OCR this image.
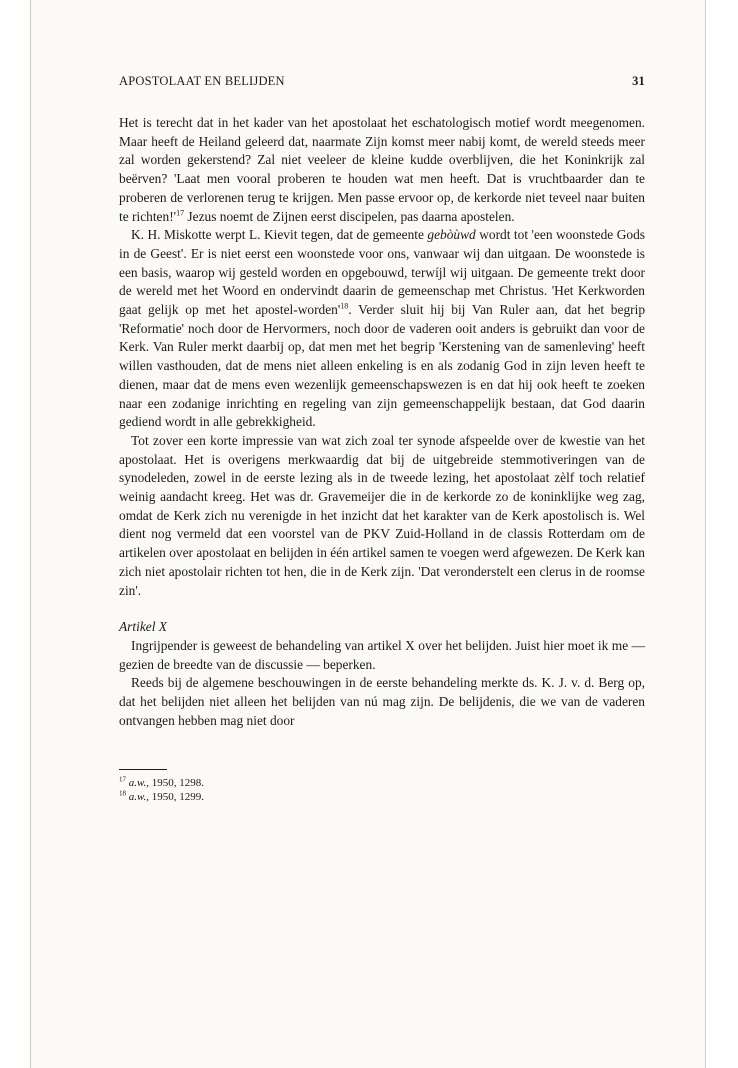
APOSTOLAAT EN BELIJDEN	31

Het is terecht dat in het kader van het apostolaat het eschatologisch motief wordt meegenomen. Maar heeft de Heiland geleerd dat, naarmate Zijn komst meer nabij komt, de wereld steeds meer zal worden gekerstend? Zal niet veeleer de kleine kudde overblijven, die het Koninkrijk zal beërven? 'Laat men vooral proberen te houden wat men heeft. Dat is vruchtbaarder dan te proberen de verlorenen terug te krijgen. Men passe ervoor op, de kerkorde niet teveel naar buiten te richten!'$^{17}$ Jezus noemt de Zijnen eerst discipelen, pas daarna apostelen.

K. H. Miskotte werpt L. Kievit tegen, dat de gemeente gebòùwd wordt tot 'een woonstede Gods in de Geest'. Er is niet eerst een woonstede voor ons, vanwaar wij dan uitgaan. De woonstede is een basis, waarop wij gesteld worden en opgebouwd, terwíjl wij uitgaan. De gemeente trekt door de wereld met het Woord en ondervindt daarin de gemeenschap met Christus. 'Het Kerkworden gaat gelijk op met het apostel-worden'$^{18}$. Verder sluit hij bij Van Ruler aan, dat het begrip 'Reformatie' noch door de Hervormers, noch door de vaderen ooit anders is gebruikt dan voor de Kerk. Van Ruler merkt daarbij op, dat men met het begrip 'Kerstening van de samenleving' heeft willen vasthouden, dat de mens niet alleen enkeling is en als zodanig God in zijn leven heeft te dienen, maar dat de mens even wezenlijk gemeenschapswezen is en dat hij ook heeft te zoeken naar een zodanige inrichting en regeling van zijn gemeenschappelijk bestaan, dat God daarin gediend wordt in alle gebrekkigheid.

Tot zover een korte impressie van wat zich zoal ter synode afspeelde over de kwestie van het apostolaat. Het is overigens merkwaardig dat bij de uitgebreide stemmotiveringen van de synodeleden, zowel in de eerste lezing als in de tweede lezing, het apostolaat zèlf toch relatief weinig aandacht kreeg. Het was dr. Gravemeijer die in de kerkorde zo de koninklijke weg zag, omdat de Kerk zich nu verenigde in het inzicht dat het karakter van de Kerk apostolisch is. Wel dient nog vermeld dat een voorstel van de PKV Zuid-Holland in de classis Rotterdam om de artikelen over apostolaat en belijden in één artikel samen te voegen werd afgewezen. De Kerk kan zich niet apostolair richten tot hen, die in de Kerk zijn. 'Dat veronderstelt een clerus in de roomse zin'.

Artikel X

Ingrijpender is geweest de behandeling van artikel X over het belijden. Juist hier moet ik me — gezien de breedte van de discussie — beperken.

Reeds bij de algemene beschouwingen in de eerste behandeling merkte ds. K. J. v. d. Berg op, dat het belijden niet alleen het belijden van nú mag zijn. De belijdenis, die we van de vaderen ontvangen hebben mag niet door

$^{17}$ a.w., 1950, 1298.
$^{18}$ a.w., 1950, 1299.
